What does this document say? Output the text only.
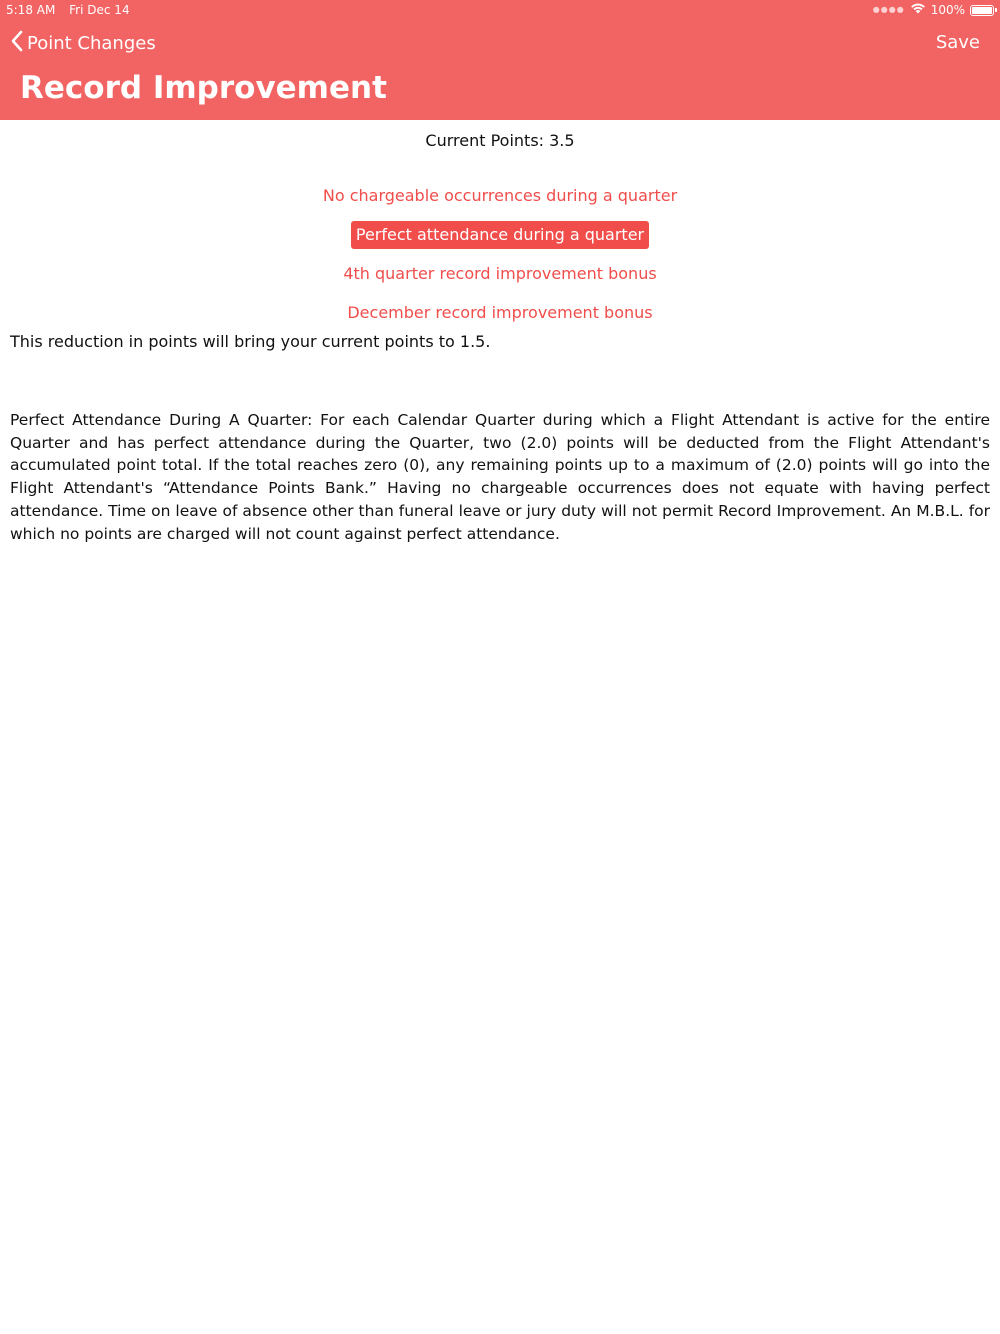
5:18 AM Fri Dec 14	●●●● 100%
Point Changes	Save
Record Improvement
Current Points: 3.5
No chargeable occurrences during a quarter
Perfect attendance during a quarter
4th quarter record improvement bonus
December record improvement bonus
This reduction in points will bring your current points to 1.5.
Perfect Attendance During A Quarter: For each Calendar Quarter during which a Flight Attendant is active for the entire Quarter and has perfect attendance during the Quarter, two (2.0) points will be deducted from the Flight Attendant's accumulated point total. If the total reaches zero (0), any remaining points up to a maximum of (2.0) points will go into the Flight Attendant's “Attendance Points Bank.” Having no chargeable occurrences does not equate with having perfect attendance. Time on leave of absence other than funeral leave or jury duty will not permit Record Improvement. An M.B.L. for which no points are charged will not count against perfect attendance.
